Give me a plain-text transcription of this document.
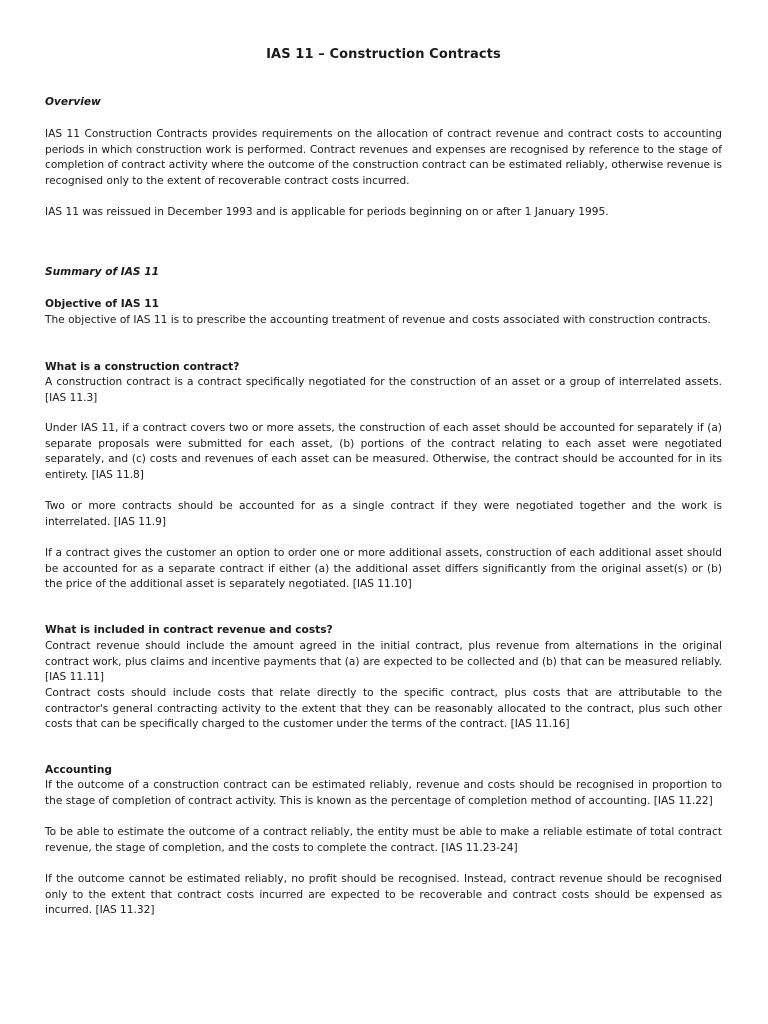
IAS 11 – Construction Contracts
Overview

IAS 11 Construction Contracts provides requirements on the allocation of contract revenue and contract costs to accounting periods in which construction work is performed. Contract revenues and expenses are recognised by reference to the stage of completion of contract activity where the outcome of the construction contract can be estimated reliably, otherwise revenue is recognised only to the extent of recoverable contract costs incurred.

IAS 11 was reissued in December 1993 and is applicable for periods beginning on or after 1 January 1995.

Summary of IAS 11
Objective of IAS 11

The objective of IAS 11 is to prescribe the accounting treatment of revenue and costs associated with construction contracts.

What is a construction contract?

A construction contract is a contract specifically negotiated for the construction of an asset or a group of interrelated assets. [IAS 11.3]

Under IAS 11, if a contract covers two or more assets, the construction of each asset should be accounted for separately if (a) separate proposals were submitted for each asset, (b) portions of the contract relating to each asset were negotiated separately, and (c) costs and revenues of each asset can be measured. Otherwise, the contract should be accounted for in its entirety. [IAS 11.8]

Two or more contracts should be accounted for as a single contract if they were negotiated together and the work is interrelated. [IAS 11.9]

If a contract gives the customer an option to order one or more additional assets, construction of each additional asset should be accounted for as a separate contract if either (a) the additional asset differs significantly from the original asset(s) or (b) the price of the additional asset is separately negotiated. [IAS 11.10]

What is included in contract revenue and costs?

Contract revenue should include the amount agreed in the initial contract, plus revenue from alternations in the original contract work, plus claims and incentive payments that (a) are expected to be collected and (b) that can be measured reliably. [IAS 11.11]

Contract costs should include costs that relate directly to the specific contract, plus costs that are attributable to the contractor's general contracting activity to the extent that they can be reasonably allocated to the contract, plus such other costs that can be specifically charged to the customer under the terms of the contract. [IAS 11.16]

Accounting

If the outcome of a construction contract can be estimated reliably, revenue and costs should be recognised in proportion to the stage of completion of contract activity. This is known as the percentage of completion method of accounting. [IAS 11.22]

To be able to estimate the outcome of a contract reliably, the entity must be able to make a reliable estimate of total contract revenue, the stage of completion, and the costs to complete the contract. [IAS 11.23-24]

If the outcome cannot be estimated reliably, no profit should be recognised. Instead, contract revenue should be recognised only to the extent that contract costs incurred are expected to be recoverable and contract costs should be expensed as incurred. [IAS 11.32]
